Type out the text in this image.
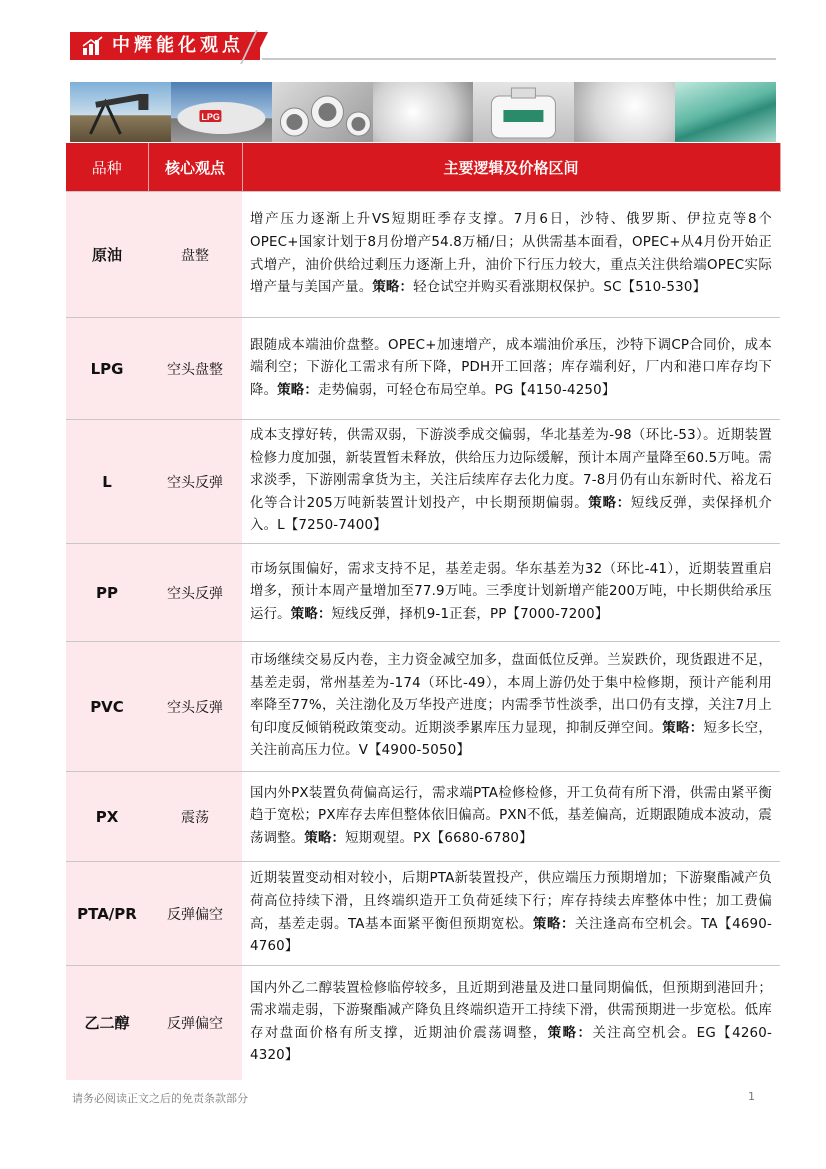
中辉能化观点
LPG
品种	核心观点	主要逻辑及价格区间
原油	盘整	增产压力逐渐上升VS短期旺季存支撑。7月6日，沙特、俄罗斯、伊拉克等8个OPEC+国家计划于8月份增产54.8万桶/日；从供需基本面看，OPEC+从4月份开始正式增产，油价供给过剩压力逐渐上升，油价下行压力较大，重点关注供给端OPEC实际增产量与美国产量。策略：轻仓试空并购买看涨期权保护。SC【510-530】
LPG	空头盘整	跟随成本端油价盘整。OPEC+加速增产，成本端油价承压，沙特下调CP合同价，成本端利空；下游化工需求有所下降，PDH开工回落；库存端利好，厂内和港口库存均下降。策略：走势偏弱，可轻仓布局空单。PG【4150-4250】
L	空头反弹	成本支撑好转，供需双弱，下游淡季成交偏弱，华北基差为-98（环比-53）。近期装置检修力度加强，新装置暂未释放，供给压力边际缓解，预计本周产量降至60.5万吨。需求淡季，下游刚需拿货为主，关注后续库存去化力度。7-8月仍有山东新时代、裕龙石化等合计205万吨新装置计划投产，中长期预期偏弱。策略：短线反弹，卖保择机介入。L【7250-7400】
PP	空头反弹	市场氛围偏好，需求支持不足，基差走弱。华东基差为32（环比-41），近期装置重启增多，预计本周产量增加至77.9万吨。三季度计划新增产能200万吨，中长期供给承压运行。策略：短线反弹，择机9-1正套，PP【7000-7200】
PVC	空头反弹	市场继续交易反内卷，主力资金减空加多，盘面低位反弹。兰炭跌价，现货跟进不足，基差走弱，常州基差为-174（环比-49），本周上游仍处于集中检修期，预计产能利用率降至77%，关注渤化及万华投产进度；内需季节性淡季，出口仍有支撑，关注7月上旬印度反倾销税政策变动。近期淡季累库压力显现，抑制反弹空间。策略：短多长空，关注前高压力位。V【4900-5050】
PX	震荡	国内外PX装置负荷偏高运行，需求端PTA检修检修，开工负荷有所下滑，供需由紧平衡趋于宽松；PX库存去库但整体依旧偏高。PXN不低，基差偏高，近期跟随成本波动，震荡调整。策略：短期观望。PX【6680-6780】
PTA/PR	反弹偏空	近期装置变动相对较小，后期PTA新装置投产，供应端压力预期增加；下游聚酯减产负荷高位持续下滑，且终端织造开工负荷延续下行；库存持续去库整体中性；加工费偏高，基差走弱。TA基本面紧平衡但预期宽松。策略：关注逢高布空机会。TA【4690-4760】
乙二醇	反弹偏空	国内外乙二醇装置检修临停较多，且近期到港量及进口量同期偏低，但预期到港回升；需求端走弱，下游聚酯减产降负且终端织造开工持续下滑，供需预期进一步宽松。低库存对盘面价格有所支撑，近期油价震荡调整，策略：关注高空机会。EG【4260-4320】
请务必阅读正文之后的免责条款部分	1
